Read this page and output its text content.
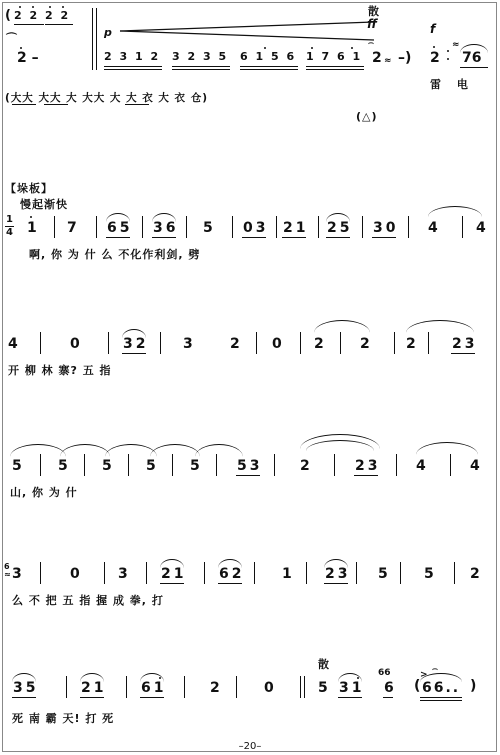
( 2 2 2 2
⌒
2 –
p
散
ff
2 3 1 2 3 2 3 5 6 1 5 6 1 7 6 1
⌢
2 ≈ –)
f
2
≈
76
雷 电
(大大 大大 大 大大 大 大 衣 大 衣 仓)
(△)
【垛板】
慢起渐快
1
4 1 7 65 36 5 03 21 25 30 4	4
啊, 你 为 什 么 不化作利剑, 劈
4	0	32 3	2 0 2	2	2	23
开 柳 林 寨? 五 指
5	5 5 5 5	53	2	23	4	4
山, 你 为 什
6
≈ 3	0	3 21 62	1 23 5	5	2
么 不 把 五 指 握 成 拳, 打
散
35	21 61	2	0	5 31
66
6 (
⌢
>
66.. )
死 南 霸 天! 打 死
–20–
